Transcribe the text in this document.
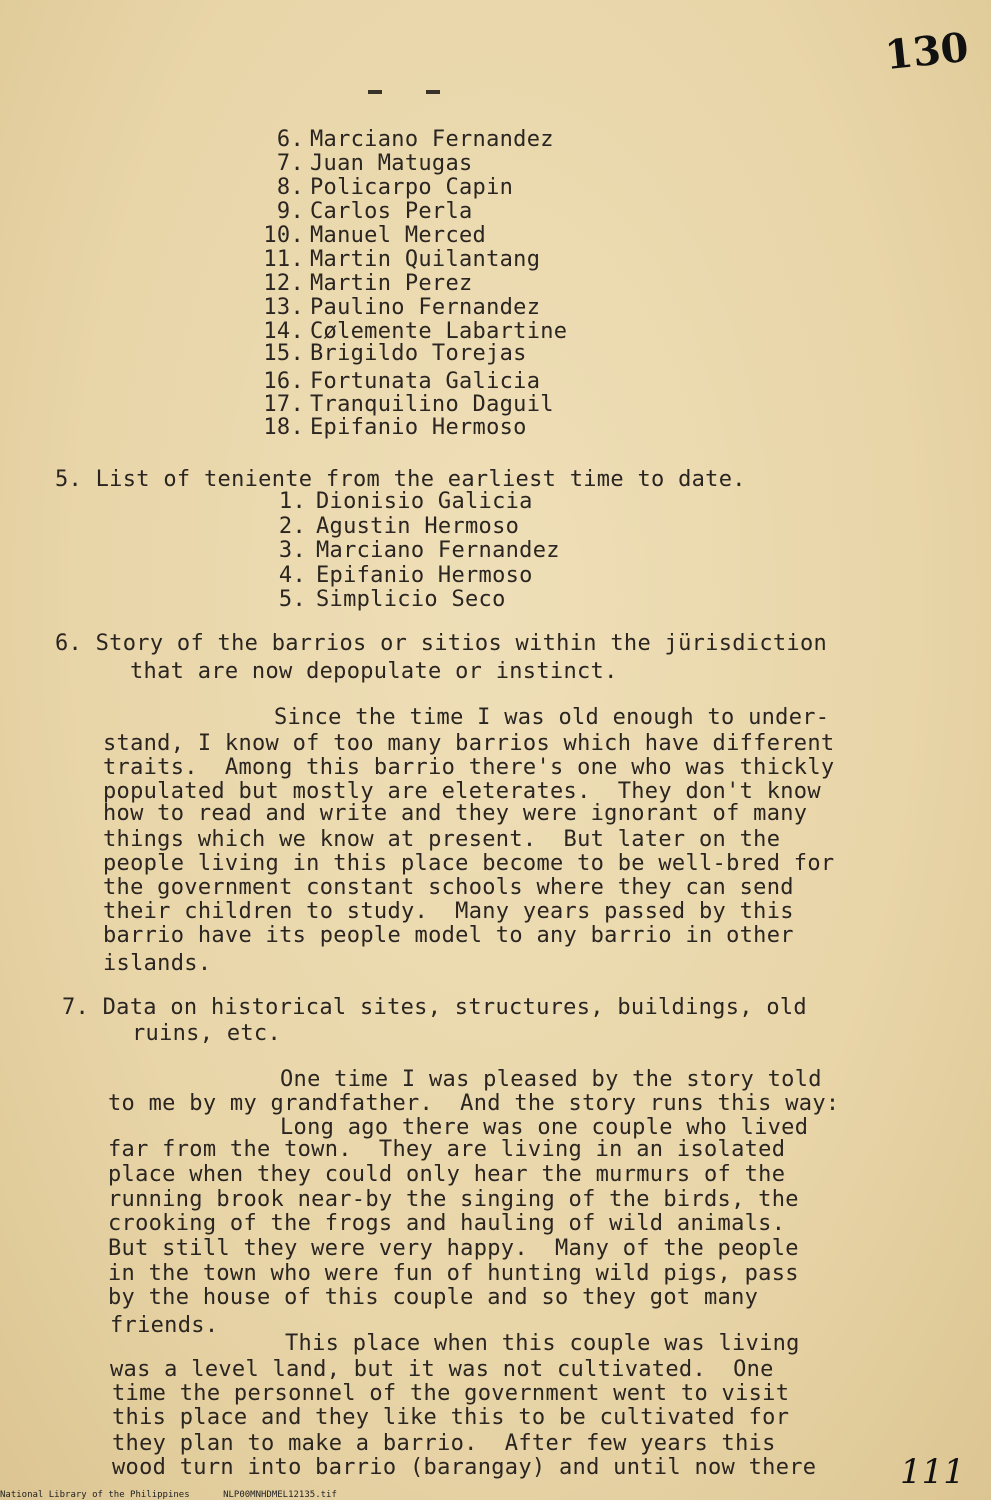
130
6. Marciano Fernandez
7. Juan Matugas
8. Policarpo Capin
9. Carlos Perla
10. Manuel Merced
11. Martin Quilantang
12. Martin Perez
13. Paulino Fernandez
14. Cølemente Labartine
15. Brigildo Torejas
16. Fortunata Galicia
17. Tranquilino Daguil
18. Epifanio Hermoso
5. List of teniente from the earliest time to date.
1. Dionisio Galicia
2. Agustin Hermoso
3. Marciano Fernandez
4. Epifanio Hermoso
5. Simplicio Seco
6. Story of the barrios or sitios within the jürisdiction
that are now depopulate or instinct.
Since the time I was old enough to under-
stand, I know of too many barrios which have different
traits.  Among this barrio there's one who was thickly
populated but mostly are eleterates.  They don't know
how to read and write and they were ignorant of many
things which we know at present.  But later on the
people living in this place become to be well-bred for
the government constant schools where they can send
their children to study.  Many years passed by this
barrio have its people model to any barrio in other
islands.
7. Data on historical sites, structures, buildings, old
ruins, etc.
One time I was pleased by the story told
to me by my grandfather.  And the story runs this way:
Long ago there was one couple who lived
far from the town.  They are living in an isolated
place when they could only hear the murmurs of the
running brook near-by the singing of the birds, the
crooking of the frogs and hauling of wild animals.
But still they were very happy.  Many of the people
in the town who were fun of hunting wild pigs, pass
by the house of this couple and so they got many
friends.
This place when this couple was living
was a level land, but it was not cultivated.  One
time the personnel of the government went to visit
this place and they like this to be cultivated for
they plan to make a barrio.  After few years this
wood turn into barrio (barangay) and until now there 111
National Library of the Philippines	NLP00MNHDMEL12135.tif
